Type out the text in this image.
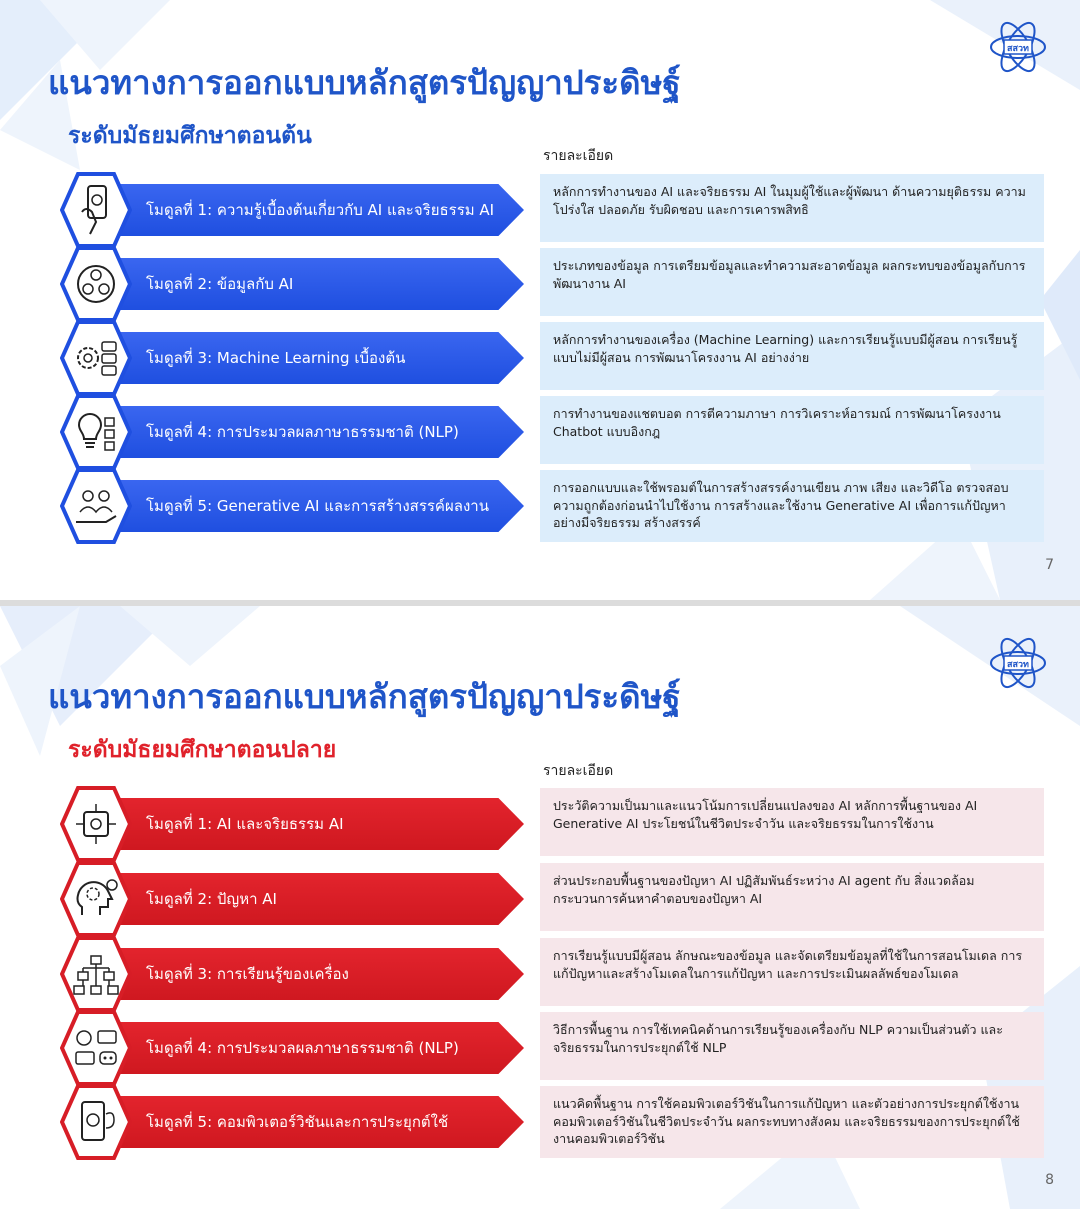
สสวท
แนวทางการออกแบบหลักสูตรปัญญาประดิษฐ์
ระดับมัธยมศึกษาตอนต้น
รายละเอียด
โมดูลที่ 1: ความรู้เบื้องต้นเกี่ยวกับ AI และจริยธรรม AI
หลักการทำงานของ AI และจริยธรรม AI ในมุมผู้ใช้และผู้พัฒนา ด้านความยุติธรรม ความโปร่งใส ปลอดภัย รับผิดชอบ และการเคารพสิทธิ
โมดูลที่ 2: ข้อมูลกับ AI
ประเภทของข้อมูล การเตรียมข้อมูลและทำความสะอาดข้อมูล ผลกระทบของข้อมูลกับการพัฒนางาน AI
โมดูลที่ 3: Machine Learning เบื้องต้น
หลักการทำงานของเครื่อง (Machine Learning) และการเรียนรู้แบบมีผู้สอน การเรียนรู้แบบไม่มีผู้สอน การพัฒนาโครงงาน AI อย่างง่าย
โมดูลที่ 4: การประมวลผลภาษาธรรมชาติ (NLP)
การทำงานของแชตบอต การตีความภาษา การวิเคราะห์อารมณ์ การพัฒนาโครงงาน Chatbot แบบอิงกฎ
โมดูลที่ 5: Generative AI และการสร้างสรรค์ผลงาน
การออกแบบและใช้พรอมต์ในการสร้างสรรค์งานเขียน ภาพ เสียง และวิดีโอ ตรวจสอบความถูกต้องก่อนนำไปใช้งาน การสร้างและใช้งาน Generative AI เพื่อการแก้ปัญหาอย่างมีจริยธรรม สร้างสรรค์
7
สสวท
แนวทางการออกแบบหลักสูตรปัญญาประดิษฐ์
ระดับมัธยมศึกษาตอนปลาย
รายละเอียด
โมดูลที่ 1: AI และจริยธรรม AI
ประวัติความเป็นมาและแนวโน้มการเปลี่ยนแปลงของ AI หลักการพื้นฐานของ AI Generative AI ประโยชน์ในชีวิตประจำวัน และจริยธรรมในการใช้งาน
โมดูลที่ 2: ปัญหา AI
ส่วนประกอบพื้นฐานของปัญหา AI ปฏิสัมพันธ์ระหว่าง AI agent กับ สิ่งแวดล้อม กระบวนการค้นหาคำตอบของปัญหา AI
โมดูลที่ 3: การเรียนรู้ของเครื่อง
การเรียนรู้แบบมีผู้สอน ลักษณะของข้อมูล และจัดเตรียมข้อมูลที่ใช้ในการสอนโมเดล การแก้ปัญหาและสร้างโมเดลในการแก้ปัญหา และการประเมินผลลัพธ์ของโมเดล
โมดูลที่ 4: การประมวลผลภาษาธรรมชาติ (NLP)
วิธีการพื้นฐาน การใช้เทคนิคด้านการเรียนรู้ของเครื่องกับ NLP ความเป็นส่วนตัว และจริยธรรมในการประยุกต์ใช้ NLP
โมดูลที่ 5: คอมพิวเตอร์วิชันและการประยุกต์ใช้
แนวคิดพื้นฐาน การใช้คอมพิวเตอร์วิชันในการแก้ปัญหา และตัวอย่างการประยุกต์ใช้งาน คอมพิวเตอร์วิชันในชีวิตประจำวัน ผลกระทบทางสังคม และจริยธรรมของการประยุกต์ใช้งานคอมพิวเตอร์วิชัน
8
